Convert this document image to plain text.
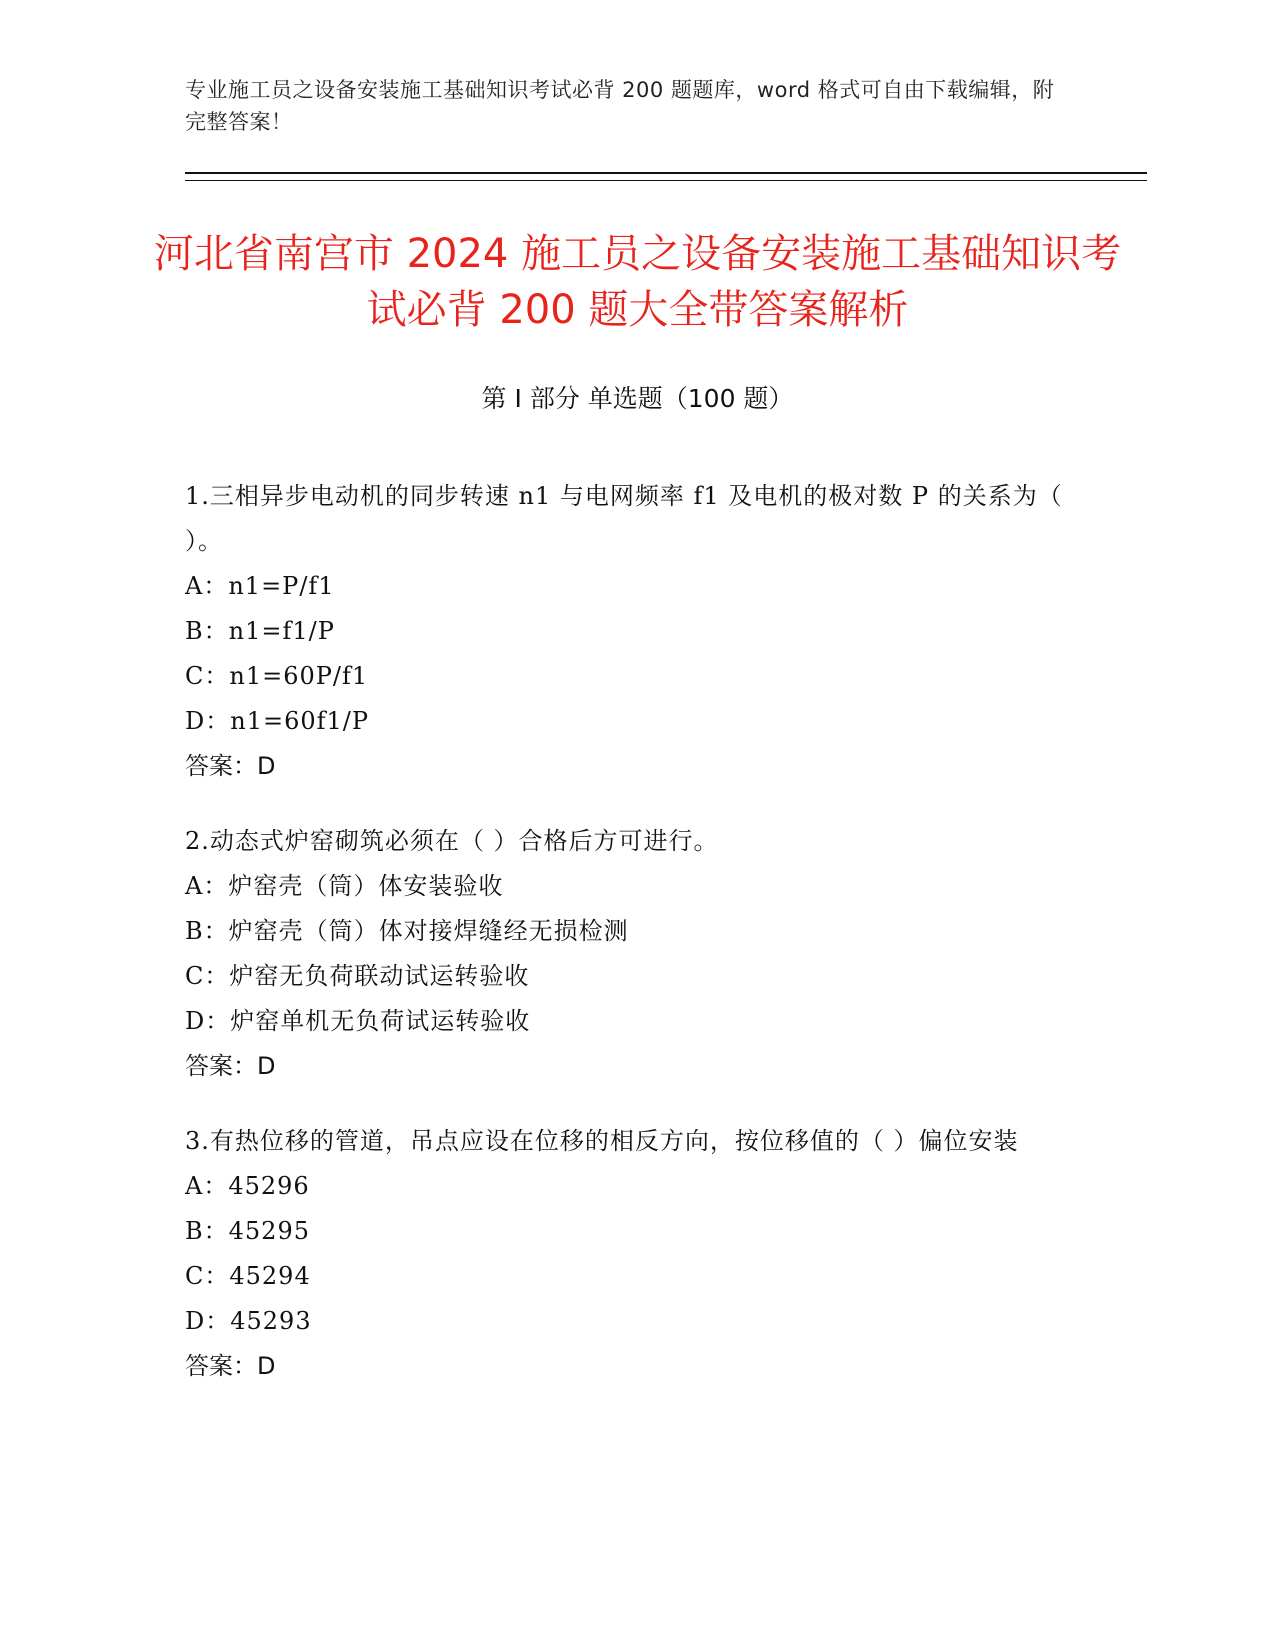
专业施工员之设备安装施工基础知识考试必背 200 题题库，word 格式可自由下载编辑，附完整答案！
河北省南宫市 2024 施工员之设备安装施工基础知识考试必背 200 题大全带答案解析
第 I 部分 单选题（100 题）
1.三相异步电动机的同步转速 n1 与电网频率 f1 及电机的极对数 P 的关系为（ ）。
A： n1=P/f1
B： n1=f1/P
C： n1=60P/f1
D： n1=60f1/P
答案：D
2.动态式炉窑砌筑必须在（ ）合格后方可进行。
A： 炉窑壳（筒）体安装验收
B： 炉窑壳（筒）体对接焊缝经无损检测
C： 炉窑无负荷联动试运转验收
D： 炉窑单机无负荷试运转验收
答案：D
3.有热位移的管道，吊点应设在位移的相反方向，按位移值的（ ）偏位安装
A： 45296
B： 45295
C： 45294
D： 45293
答案：D
